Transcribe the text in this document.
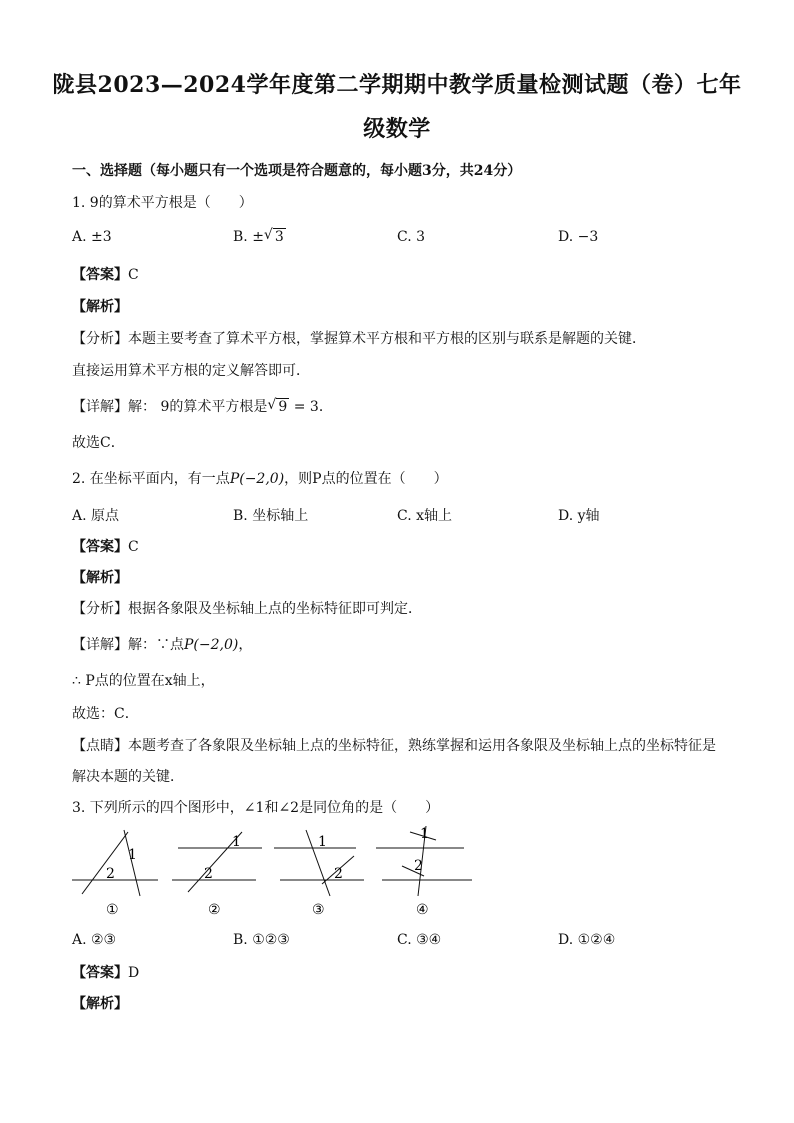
陇县2023—2024学年度第二学期期中教学质量检测试题（卷）七年
级数学
一、选择题（每小题只有一个选项是符合题意的，每小题3分，共24分）
1. 9的算术平方根是（　　）
A. ±3	B. ± √ 3	C. 3	D. −3
【答案】C
【解析】
【分析】本题主要考查了算术平方根，掌握算术平方根和平方根的区别与联系是解题的关键．
直接运用算术平方根的定义解答即可．
【详解】解： 9的算术平方根是 √ 9 = 3．
故选C．
2. 在坐标平面内，有一点P(−2,0)，则P点的位置在（　　）
A. 原点	B. 坐标轴上	C. x轴上	D. y轴
【答案】C
【解析】
【分析】根据各象限及坐标轴上点的坐标特征即可判定．
【详解】解：∵点P(−2,0)，
∴ P点的位置在x轴上，
故选：C．
【点睛】本题考查了各象限及坐标轴上点的坐标特征，熟练掌握和运用各象限及坐标轴上点的坐标特征是
解决本题的关键．
3. 下列所示的四个图形中，∠1和∠2是同位角的是（　　）
1
2
①
1
2
②
1
2
③
1
2
④
A. ②③	B. ①②③	C. ③④	D. ①②④
【答案】D
【解析】
